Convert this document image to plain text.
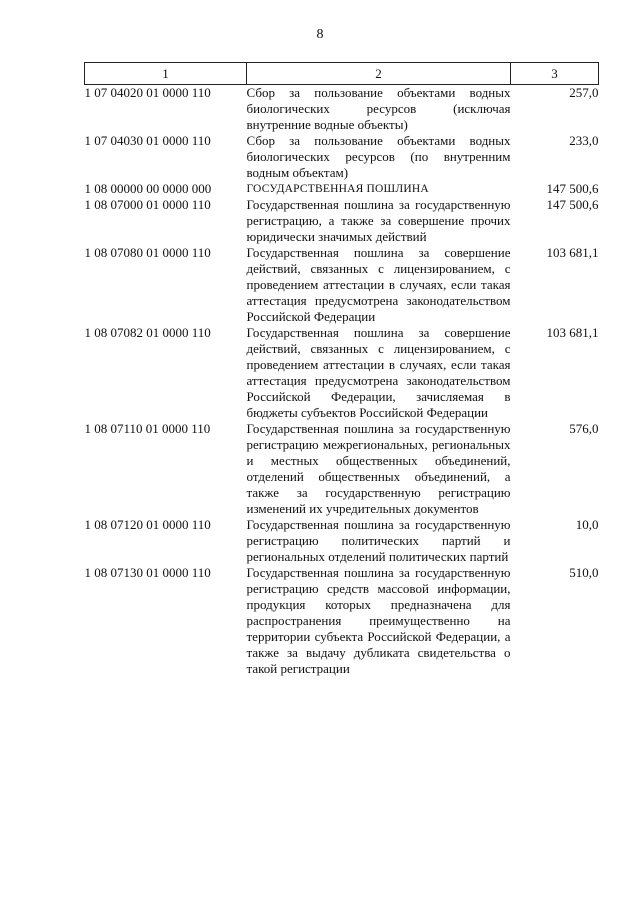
8
1	2	3
1 07 04020 01 0000 110	Сбор за пользование объектами водных биологических ресурсов (исключая внутренние водные объекты)	257,0
1 07 04030 01 0000 110	Сбор за пользование объектами водных биологических ресурсов (по внутренним водным объектам)	233,0
1 08 00000 00 0000 000	ГОСУДАРСТВЕННАЯ ПОШЛИНА	147 500,6
1 08 07000 01 0000 110	Государственная пошлина за государственную регистрацию, а также за совершение прочих юридически значимых действий	147 500,6
1 08 07080 01 0000 110	Государственная пошлина за совершение действий, связанных с лицензированием, с проведением аттестации в случаях, если такая аттестация предусмотрена законодательством Российской Федерации	103 681,1
1 08 07082 01 0000 110	Государственная пошлина за совершение действий, связанных с лицензированием, с проведением аттестации в случаях, если такая аттестация предусмотрена законодательством Российской Федерации, зачисляемая в бюджеты субъектов Российской Федерации	103 681,1
1 08 07110 01 0000 110	Государственная пошлина за государственную регистрацию межрегиональных, региональных и местных общественных объединений, отделений общественных объединений, а также за государственную регистрацию изменений их учредительных документов	576,0
1 08 07120 01 0000 110	Государственная пошлина за государственную регистрацию политических партий и региональных отделений политических партий	10,0
1 08 07130 01 0000 110	Государственная пошлина за государственную регистрацию средств массовой информации, продукция которых предназначена для распространения преимущественно на территории субъекта Российской Федерации, а также за выдачу дубликата свидетельства о такой регистрации	510,0
